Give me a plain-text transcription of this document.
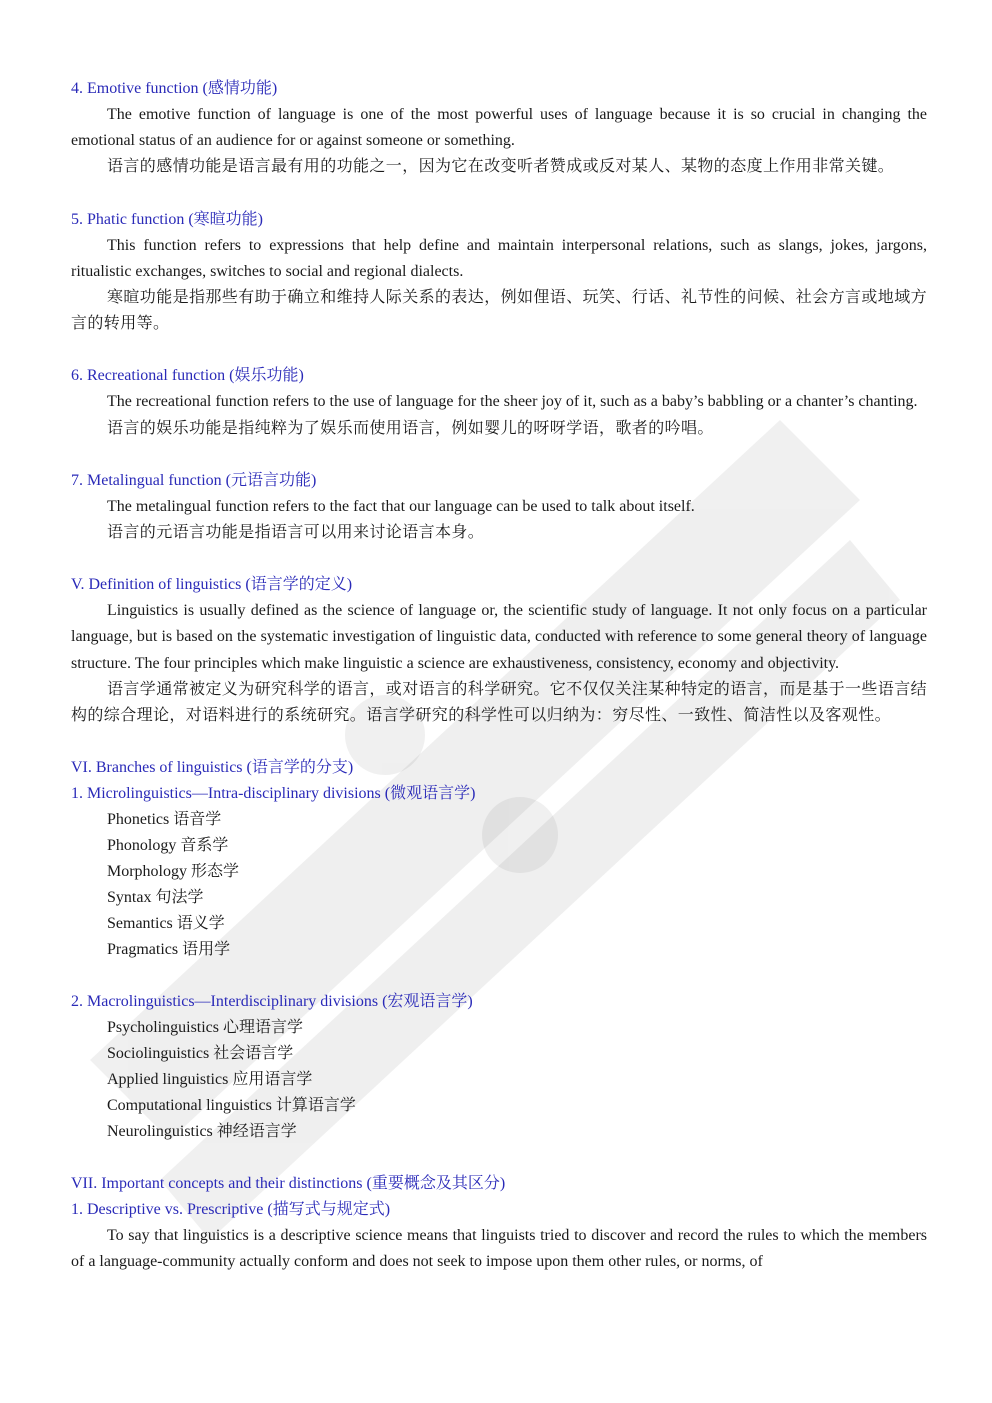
4. Emotive function (感情功能)

The emotive function of language is one of the most powerful uses of language because it is so crucial in changing the emotional status of an audience for or against someone or something.

语言的感情功能是语言最有用的功能之一，因为它在改变听者赞成或反对某人、某物的态度上作用非常关键。

5. Phatic function (寒暄功能)

This function refers to expressions that help define and maintain interpersonal relations, such as slangs, jokes, jargons, ritualistic exchanges, switches to social and regional dialects.

寒暄功能是指那些有助于确立和维持人际关系的表达，例如俚语、玩笑、行话、礼节性的问候、社会方言或地域方言的转用等。

6. Recreational function (娱乐功能)

The recreational function refers to the use of language for the sheer joy of it, such as a baby’s babbling or a chanter’s chanting.

语言的娱乐功能是指纯粹为了娱乐而使用语言，例如婴儿的呀呀学语，歌者的吟唱。

7. Metalingual function (元语言功能)

The metalingual function refers to the fact that our language can be used to talk about itself.

语言的元语言功能是指语言可以用来讨论语言本身。

V. Definition of linguistics (语言学的定义)

Linguistics is usually defined as the science of language or, the scientific study of language. It not only focus on a particular language, but is based on the systematic investigation of linguistic data, conducted with reference to some general theory of language structure. The four principles which make linguistic a science are exhaustiveness, consistency, economy and objectivity.

语言学通常被定义为研究科学的语言，或对语言的科学研究。它不仅仅关注某种特定的语言，而是基于一些语言结构的综合理论，对语料进行的系统研究。语言学研究的科学性可以归纳为：穷尽性、一致性、简洁性以及客观性。

VI. Branches of linguistics (语言学的分支)

1. Microlinguistics—Intra-disciplinary divisions (微观语言学)

Phonetics 语音学

Phonology 音系学

Morphology 形态学

Syntax 句法学

Semantics 语义学

Pragmatics 语用学

2. Macrolinguistics—Interdisciplinary divisions (宏观语言学)

Psycholinguistics 心理语言学

Sociolinguistics 社会语言学

Applied linguistics 应用语言学

Computational linguistics 计算语言学

Neurolinguistics 神经语言学

VII. Important concepts and their distinctions (重要概念及其区分)

1. Descriptive vs. Prescriptive (描写式与规定式)

To say that linguistics is a descriptive science means that linguists tried to discover and record the rules to which the members of a language-community actually conform and does not seek to impose upon them other rules, or norms, of
